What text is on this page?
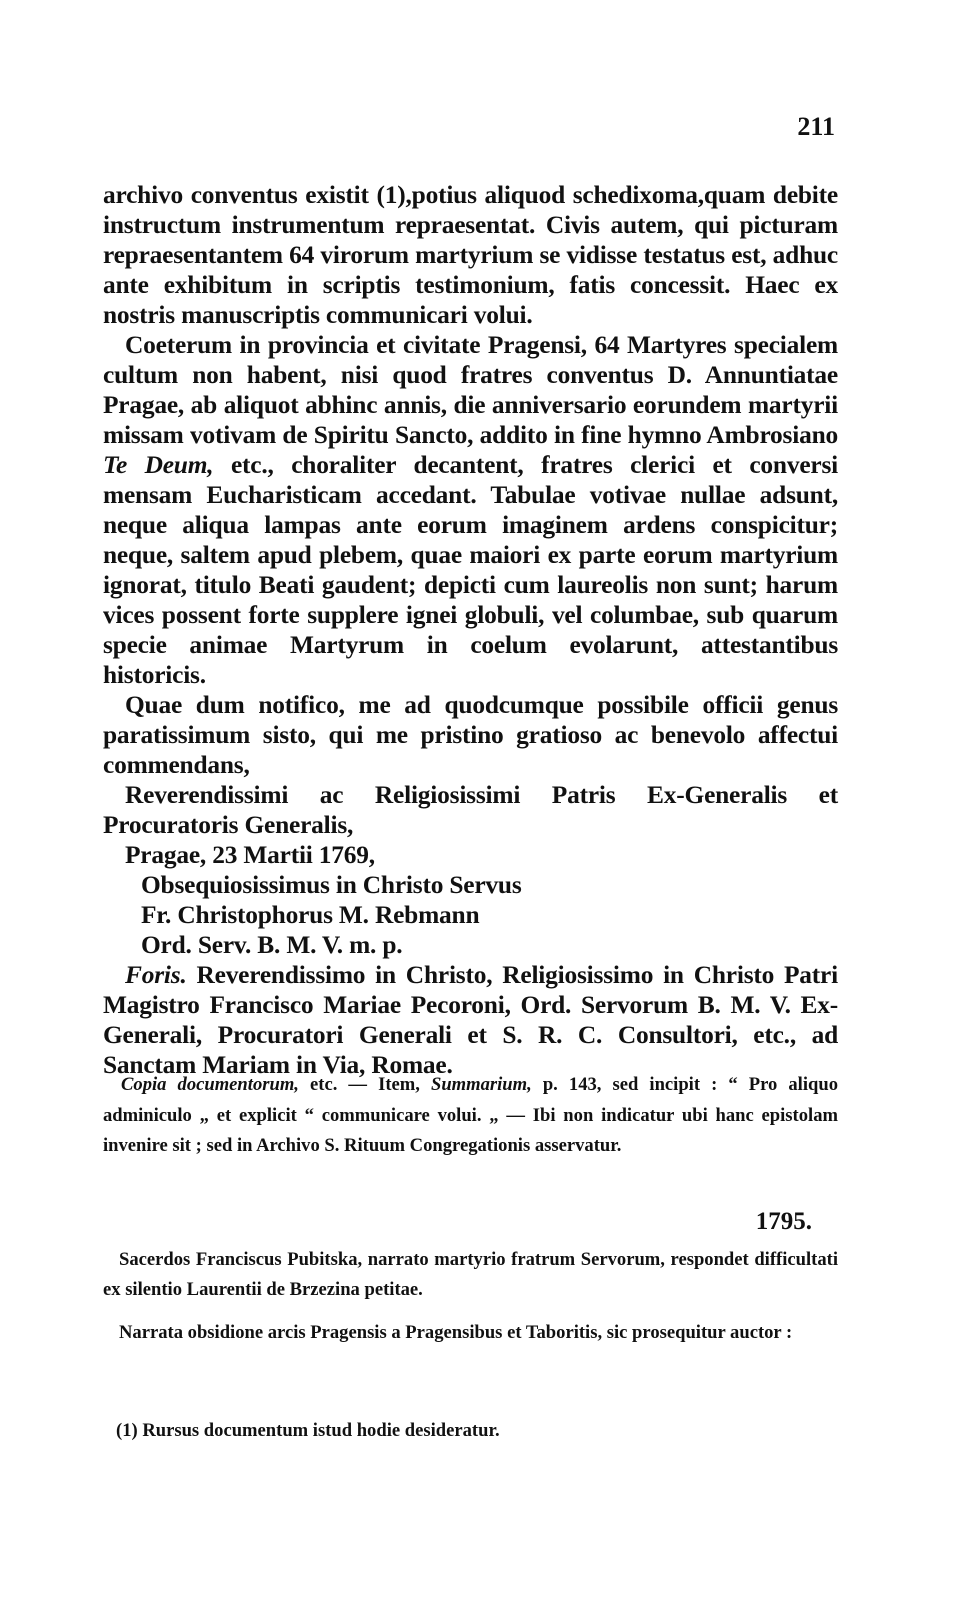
211

archivo conventus existit (1),potius aliquod schedixoma,quam debite instructum instrumentum repraesentat. Civis autem, qui picturam repraesentantem 64 virorum martyrium se vidisse testatus est, adhuc ante exhibitum in scriptis testimonium, fatis concessit. Haec ex nostris manuscriptis communicari volui.

Coeterum in provincia et civitate Pragensi, 64 Martyres specialem cultum non habent, nisi quod fratres conventus D. Annuntiatae Pragae, ab aliquot abhinc annis, die anniversario eorundem martyrii missam votivam de Spiritu Sancto, addito in fine hymno Ambrosiano Te Deum, etc., choraliter decantent, fratres clerici et conversi mensam Eucharisticam accedant. Tabulae votivae nullae adsunt, neque aliqua lampas ante eorum imaginem ardens conspicitur; neque, saltem apud plebem, quae maiori ex parte eorum martyrium ignorat, titulo Beati gaudent; depicti cum laureolis non sunt; harum vices possent forte supplere ignei globuli, vel columbae, sub quarum specie animae Martyrum in coelum evolarunt, attestantibus historicis.

Quae dum notifico, me ad quodcumque possibile officii genus paratissimum sisto, qui me pristino gratioso ac benevolo affectui commendans,

Reverendissimi ac Religiosissimi Patris Ex-Generalis et Procuratoris Generalis,

Pragae, 23 Martii 1769,

Obsequiosissimus in Christo Servus

Fr. Christophorus M. Rebmann

Ord. Serv. B. M. V. m. p.

Foris. Reverendissimo in Christo, Religiosissimo in Christo Patri Magistro Francisco Mariae Pecoroni, Ord. Servorum B. M. V. Ex-Generali, Procuratori Generali et S. R. C. Consultori, etc., ad Sanctam Mariam in Via, Romae.

Copia documentorum, etc. — Item, Summarium, p. 143, sed incipit : “ Pro aliquo adminiculo „ et explicit “ communicare volui. „ — Ibi non indicatur ubi hanc epistolam invenire sit ; sed in Archivo S. Rituum Congregationis asservatur.

1795.

Sacerdos Franciscus Pubitska, narrato martyrio fratrum Servorum, respondet difficultati ex silentio Laurentii de Brzezina petitae.

Narrata obsidione arcis Pragensis a Pragensibus et Taboritis, sic prosequitur auctor :

(1) Rursus documentum istud hodie desideratur.
